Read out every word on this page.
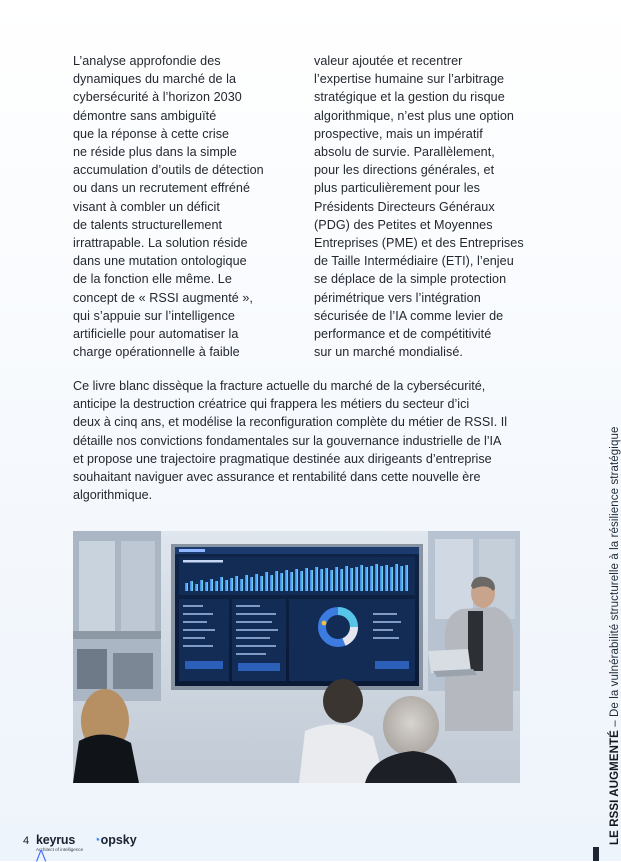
L’analyse approfondie des
dynamiques du marché de la
cybersécurité à l’horizon 2030
démontre sans ambiguïté
que la réponse à cette crise
ne réside plus dans la simple
accumulation d’outils de détection
ou dans un recrutement effréné
visant à combler un déficit
de talents structurellement
irrattrapable. La solution réside
dans une mutation ontologique
de la fonction elle même. Le
concept de « RSSI augmenté »,
qui s’appuie sur l’intelligence
artificielle pour automatiser la
charge opérationnelle à faible
valeur ajoutée et recentrer
l’expertise humaine sur l’arbitrage
stratégique et la gestion du risque
algorithmique, n’est plus une option
prospective, mais un impératif
absolu de survie. Parallèlement,
pour les directions générales, et
plus particulièrement pour les
Présidents Directeurs Généraux
(PDG) des Petites et Moyennes
Entreprises (PME) et des Entreprises
de Taille Intermédiaire (ETI), l’enjeu
se déplace de la simple protection
périmétrique vers l’intégration
sécurisée de l’IA comme levier de
performance et de compétitivité
sur un marché mondialisé.
Ce livre blanc dissèque la fracture actuelle du marché de la cybersécurité,
anticipe la destruction créatrice qui frappera les métiers du secteur d’ici
deux à cinq ans, et modélise la reconfiguration complète du métier de RSSI. Il
détaille nos convictions fondamentales sur la gouvernance industrielle de l’IA
et propose une trajectoire pragmatique destinée aux dirigeants d’entreprise
souhaitant naviguer avec assurance et rentabilité dans cette nouvelle ère
algorithmique.
LE RSSI AUGMENTÉ – De la vulnérabilité structurelle à la résilience stratégique
4 keyrus ⋀
Architect of intelligence
◔opsky
